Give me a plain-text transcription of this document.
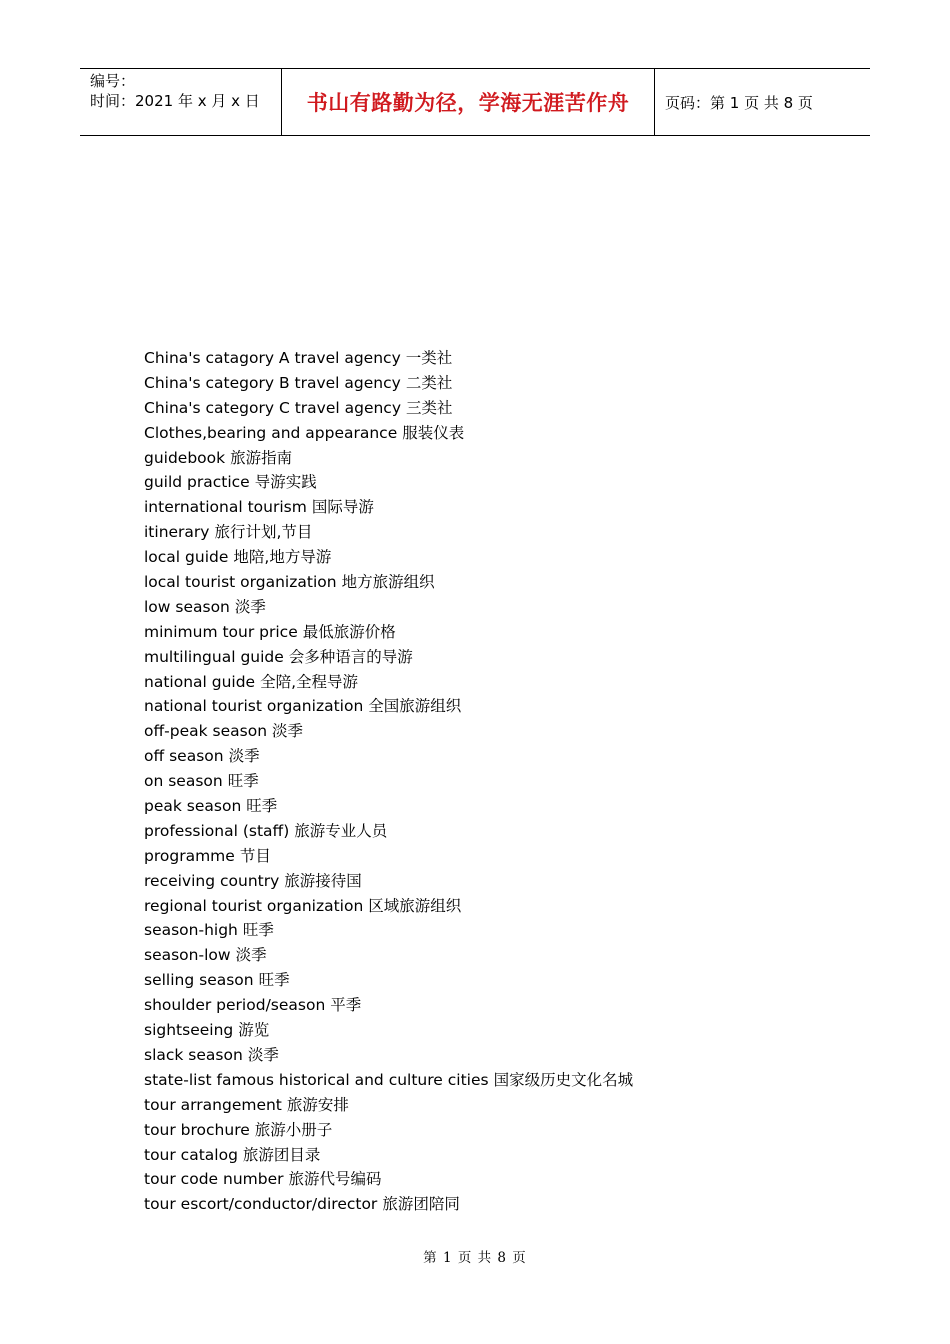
编号：
时间：2021 年 x 月 x 日	书山有路勤为径，学海无涯苦作舟	页码：第 1 页 共 8 页
China's catagory A travel agency 一类社
China's category B travel agency 二类社
China's category C travel agency 三类社
Clothes,bearing and appearance 服装仪表
guidebook 旅游指南
guild practice 导游实践
international tourism 国际导游
itinerary 旅行计划,节目
local guide 地陪,地方导游
local tourist organization 地方旅游组织
low season 淡季
minimum tour price 最低旅游价格
multilingual guide 会多种语言的导游
national guide 全陪,全程导游
national tourist organization 全国旅游组织
off-peak season 淡季
off season 淡季
on season 旺季
peak season 旺季
professional (staff) 旅游专业人员
programme 节目
receiving country 旅游接待国
regional tourist organization 区域旅游组织
season-high 旺季
season-low 淡季
selling season 旺季
shoulder period/season 平季
sightseeing 游览
slack season 淡季
state-list famous historical and culture cities 国家级历史文化名城
tour arrangement 旅游安排
tour brochure 旅游小册子
tour catalog 旅游团目录
tour code number 旅游代号编码
tour escort/conductor/director 旅游团陪同
第 1 页 共 8 页
